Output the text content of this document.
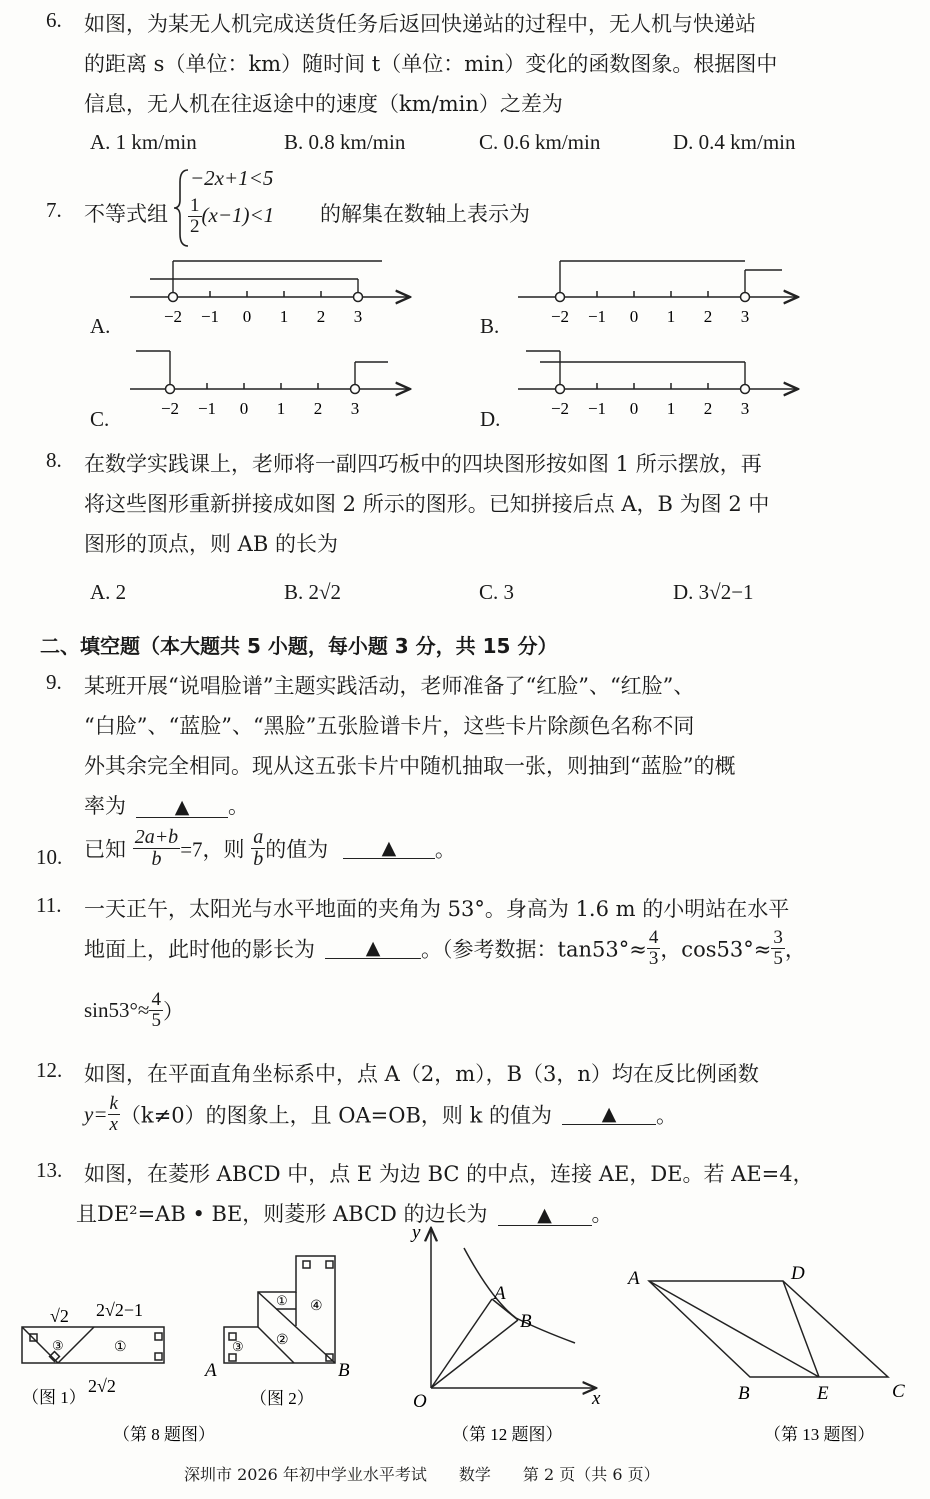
6. 如图，为某无人机完成送货任务后返回快递站的过程中，无人机与快递站
的距离 s（单位：km）随时间 t（单位：min）变化的函数图象。根据图中
信息，无人机在往返途中的速度（km/min）之差为
A. 1 km/min	B. 0.8 km/min	C. 0.6 km/min	D. 0.4 km/min
7. 不等式组
−2x+1<5
$\frac{1}{2} (x-1)<1$ 的解集在数轴上表示为
A.	B.
C.	D.
−2 −1 0 1 2 3	−2 −1 0 1 2 3
−2 −1 0 1 2 3	−2 −1 0 1 2 3
8. 在数学实践课上，老师将一副四巧板中的四块图形按如图 1 所示摆放，再
将这些图形重新拼接成如图 2 所示的图形。已知拼接后点 A，B 为图 2 中
图形的顶点，则 AB 的长为
A. 2	B. 2√2	C. 3	D. 3√2−1
二、填空题（本大题共 5 小题，每小题 3 分，共 15 分）
9. 某班开展“说唱脸谱”主题实践活动，老师准备了“红脸”、“红脸”、
“白脸”、“蓝脸”、“黑脸”五张脸谱卡片，这些卡片除颜色名称不同
外其余完全相同。现从这五张卡片中随机抽取一张，则抽到“蓝脸”的概
率为	▲ 。
10. 已知 $\frac{2a+b}{b} =7$，则 $\frac{a}{b}$ 的值为	▲ 。
11. 一天正午，太阳光与水平地面的夹角为 53°。身高为 1.6 m 的小明站在水平
地面上，此时他的影长为	▲ 。（参考数据：$\tan 53^\circ\approx \frac{4}{3}$ ，$\cos 53^\circ\approx \frac{3}{5}$ ，
$\sin 53^\circ\approx \frac{4}{5}$ ）
12. 如图，在平面直角坐标系中，点 A（2，m），B（3，n）均在反比例函数
$y= \frac{k}{x} (k\ne 0)$的图象上，且 OA=OB，则 k 的值为	▲ 。
13. 如图，在菱形 ABCD 中，点 E 为边 BC 的中点，连接 AE，DE。若 AE=4，
且DE²=AB • BE，则菱形 ABCD 的边长为	▲ 。
√2 2√2−1
③	①
2√2
（图 1）
① ④
②
③
A	B
（图 2）
（第 8 题图）
y
x
O
A
B
（第 12 题图）
A	D
B	E	C
（第 13 题图）
深圳市 2026 年初中学业水平考试　　数学　　第 2 页（共 6 页）
